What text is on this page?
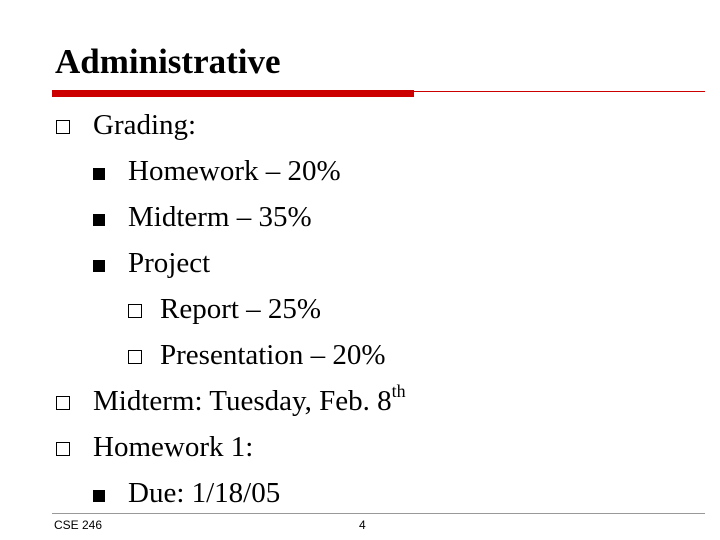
Administrative
Grading:
Homework – 20%
Midterm – 35%
Project
Report – 25%
Presentation – 20%
Midterm: Tuesday, Feb. 8th
Homework 1:
Due: 1/18/05
CSE 246	4
